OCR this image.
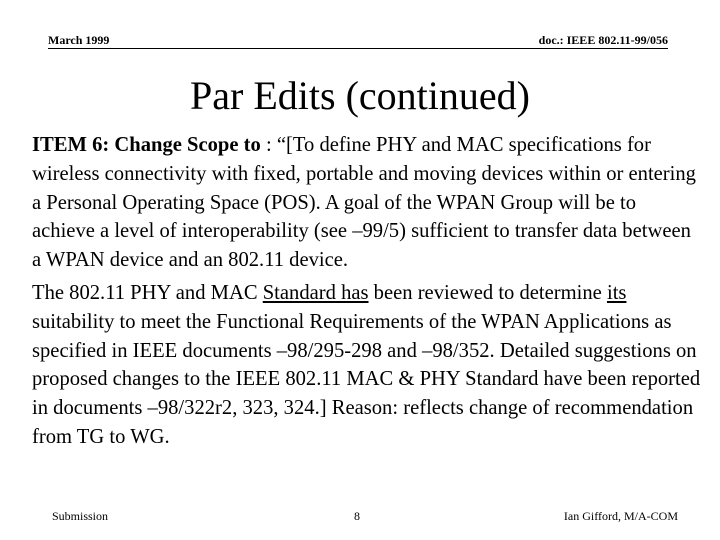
March 1999	doc.: IEEE 802.11-99/056
Par Edits (continued)

ITEM 6: Change Scope to : “[To define PHY and MAC specifications for wireless connectivity with fixed, portable and moving devices within or entering a Personal Operating Space (POS). A goal of the WPAN Group will be to achieve a level of interoperability (see –99/5) sufficient to transfer data between a WPAN device and an 802.11 device.

The 802.11 PHY and MAC Standard has been reviewed to determine its suitability to meet the Functional Requirements of the WPAN Applications as specified in IEEE documents –98/295-298 and –98/352. Detailed suggestions on proposed changes to the IEEE 802.11 MAC & PHY Standard have been reported in documents –98/322r2, 323, 324.] Reason: reflects change of recommendation from TG to WG.

Submission	8	Ian Gifford, M/A-COM
